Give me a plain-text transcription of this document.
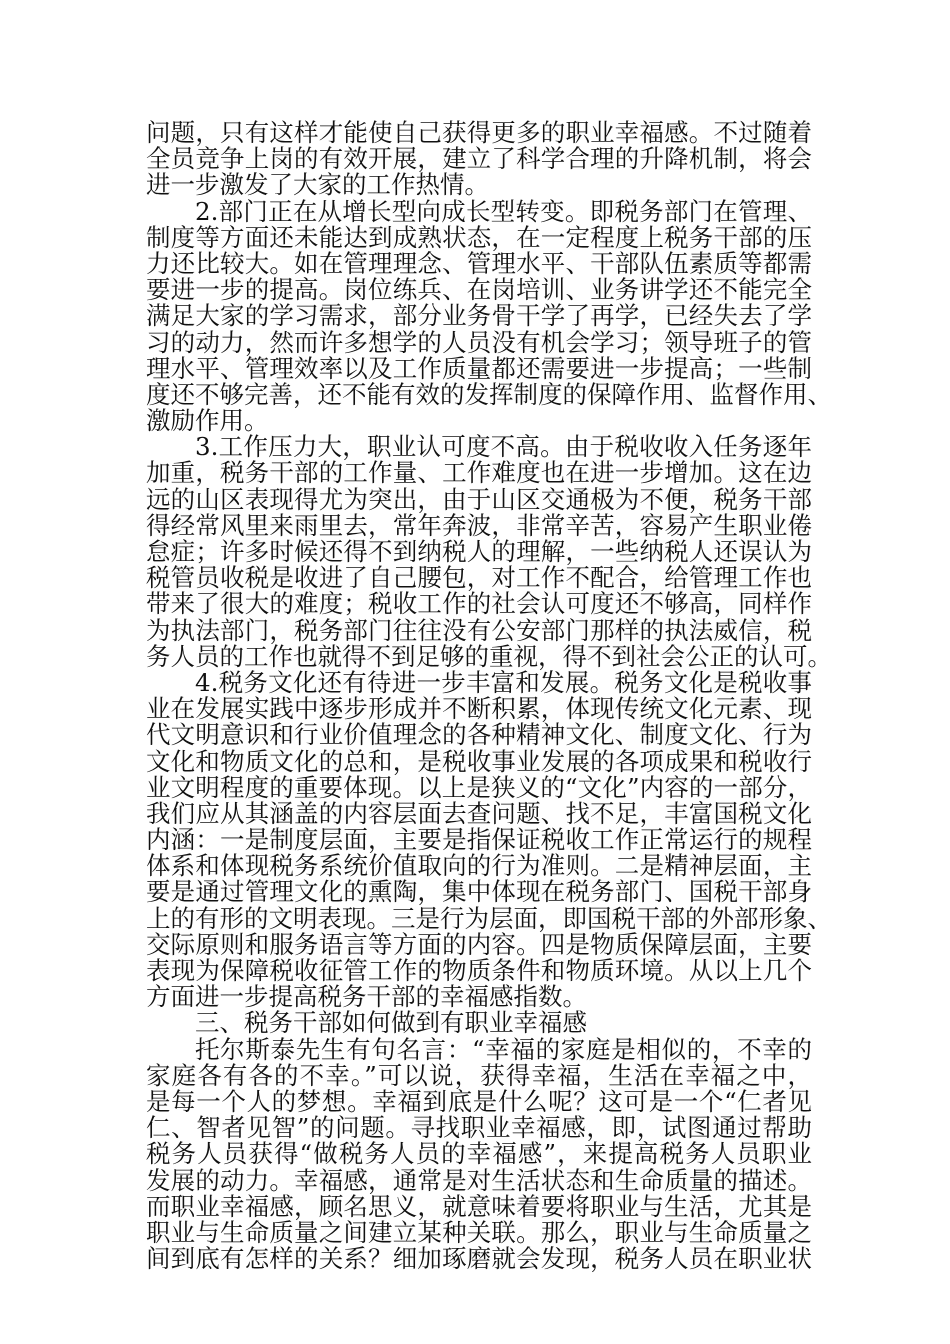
问题，只有这样才能使自己获得更多的职业幸福感。不过随着
全员竞争上岗的有效开展，建立了科学合理的升降机制，将会
进一步激发了大家的工作热情。
2.部门正在从增长型向成长型转变。即税务部门在管理、
制度等方面还未能达到成熟状态，在一定程度上税务干部的压
力还比较大。如在管理理念、管理水平、干部队伍素质等都需
要进一步的提高。岗位练兵、在岗培训、业务讲学还不能完全
满足大家的学习需求，部分业务骨干学了再学，已经失去了学
习的动力，然而许多想学的人员没有机会学习；领导班子的管
理水平、管理效率以及工作质量都还需要进一步提高；一些制
度还不够完善，还不能有效的发挥制度的保障作用、监督作用、
激励作用。
3.工作压力大，职业认可度不高。由于税收收入任务逐年
加重，税务干部的工作量、工作难度也在进一步增加。这在边
远的山区表现得尤为突出，由于山区交通极为不便，税务干部
得经常风里来雨里去，常年奔波，非常辛苦，容易产生职业倦
怠症；许多时候还得不到纳税人的理解，一些纳税人还误认为
税管员收税是收进了自己腰包，对工作不配合，给管理工作也
带来了很大的难度；税收工作的社会认可度还不够高，同样作
为执法部门，税务部门往往没有公安部门那样的执法威信，税
务人员的工作也就得不到足够的重视，得不到社会公正的认可。
4.税务文化还有待进一步丰富和发展。税务文化是税收事
业在发展实践中逐步形成并不断积累，体现传统文化元素、现
代文明意识和行业价值理念的各种精神文化、制度文化、行为
文化和物质文化的总和，是税收事业发展的各项成果和税收行
业文明程度的重要体现。以上是狭义的“文化”内容的一部分，
我们应从其涵盖的内容层面去查问题、找不足，丰富国税文化
内涵：一是制度层面，主要是指保证税收工作正常运行的规程
体系和体现税务系统价值取向的行为准则。二是精神层面，主
要是通过管理文化的熏陶，集中体现在税务部门、国税干部身
上的有形的文明表现。三是行为层面，即国税干部的外部形象、
交际原则和服务语言等方面的内容。四是物质保障层面，主要
表现为保障税收征管工作的物质条件和物质环境。从以上几个
方面进一步提高税务干部的幸福感指数。
三、税务干部如何做到有职业幸福感
托尔斯泰先生有句名言：“幸福的家庭是相似的，不幸的
家庭各有各的不幸。”可以说，获得幸福，生活在幸福之中，
是每一个人的梦想。幸福到底是什么呢？这可是一个“仁者见
仁、智者见智”的问题。寻找职业幸福感，即，试图通过帮助
税务人员获得“做税务人员的幸福感”，来提高税务人员职业
发展的动力。幸福感，通常是对生活状态和生命质量的描述。
而职业幸福感，顾名思义，就意味着要将职业与生活，尤其是
职业与生命质量之间建立某种关联。那么，职业与生命质量之
间到底有怎样的关系？细加琢磨就会发现，税务人员在职业状
